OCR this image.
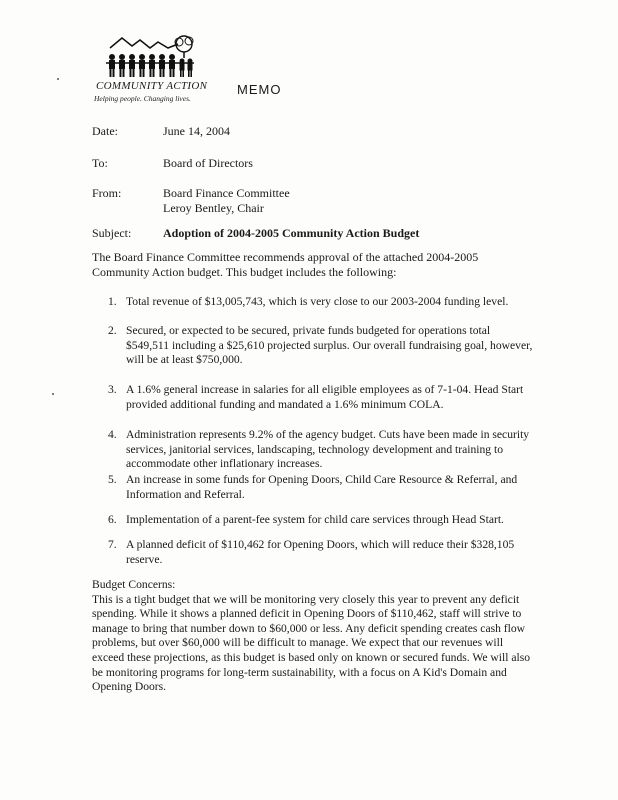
COMMUNITY ACTION
Helping people. Changing lives.
MEMO
Date:	June 14, 2004
To:	Board of Directors
From:	Board Finance Committee
Leroy Bentley, Chair
Subject:	Adoption of 2004-2005 Community Action Budget
The Board Finance Committee recommends approval of the attached 2004-2005 Community Action budget. This budget includes the following:
1. Total revenue of $13,005,743, which is very close to our 2003-2004 funding level.
2. Secured, or expected to be secured, private funds budgeted for operations total $549,511 including a $25,610 projected surplus. Our overall fundraising goal, however, will be at least $750,000.
3. A 1.6% general increase in salaries for all eligible employees as of 7-1-04. Head Start provided additional funding and mandated a 1.6% minimum COLA.
4. Administration represents 9.2% of the agency budget. Cuts have been made in security services, janitorial services, landscaping, technology development and training to accommodate other inflationary increases.
5. An increase in some funds for Opening Doors, Child Care Resource & Referral, and Information and Referral.
6. Implementation of a parent-fee system for child care services through Head Start.
7. A planned deficit of $110,462 for Opening Doors, which will reduce their $328,105 reserve.
Budget Concerns:
This is a tight budget that we will be monitoring very closely this year to prevent any deficit spending. While it shows a planned deficit in Opening Doors of $110,462, staff will strive to manage to bring that number down to $60,000 or less. Any deficit spending creates cash flow problems, but over $60,000 will be difficult to manage. We expect that our revenues will exceed these projections, as this budget is based only on known or secured funds. We will also be monitoring programs for long-term sustainability, with a focus on A Kid's Domain and Opening Doors.
